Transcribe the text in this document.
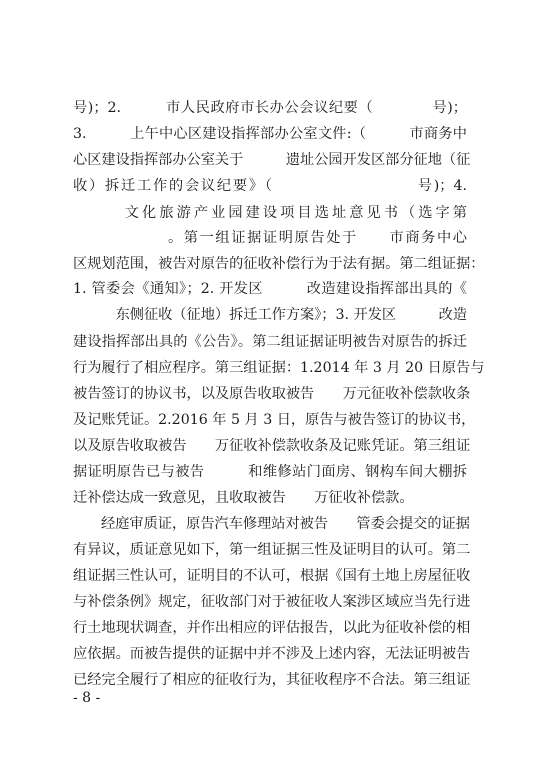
号)；2.　　　市人民政府市长办公会议纪要（　　　　号)；
3.　　　上午中心区建设指挥部办公室文件:（　　　市商务中
心区建设指挥部办公室关于　　　遗址公园开发区部分征地（征
收）拆迁工作的会议纪要》（　　　　　　　　　号)；4.
　　　文化旅游产业园建设项目选址意见书（选字第
　　　　　　。第一组证据证明原告处于　　市商务中心
区规划范围，被告对原告的征收补偿行为于法有据。第二组证据：
1. 管委会《通知》；2. 开发区　　　改造建设指挥部出具的《
　　　东侧征收（征地）拆迁工作方案》；3. 开发区　　　改造
建设指挥部出具的《公告》。第二组证据证明被告对原告的拆迁
行为履行了相应程序。第三组证据：1.2014 年 3 月 20 日原告与
被告签订的协议书，以及原告收取被告　　万元征收补偿款收条
及记账凭证。2.2016 年 5 月 3 日，原告与被告签订的协议书，
以及原告收取被告　　万征收补偿款收条及记账凭证。第三组证
据证明原告已与被告　　　和维修站门面房、钢构车间大棚拆
迁补偿达成一致意见，且收取被告　　万征收补偿款。
经庭审质证，原告汽车修理站对被告　　管委会提交的证据
有异议，质证意见如下，第一组证据三性及证明目的认可。第二
组证据三性认可，证明目的不认可，根据《国有土地上房屋征收
与补偿条例》规定，征收部门对于被征收人案涉区域应当先行进
行土地现状调查，并作出相应的评估报告，以此为征收补偿的相
应依据。而被告提供的证据中并不涉及上述内容，无法证明被告
已经完全履行了相应的征收行为，其征收程序不合法。第三组证
- 8 -
